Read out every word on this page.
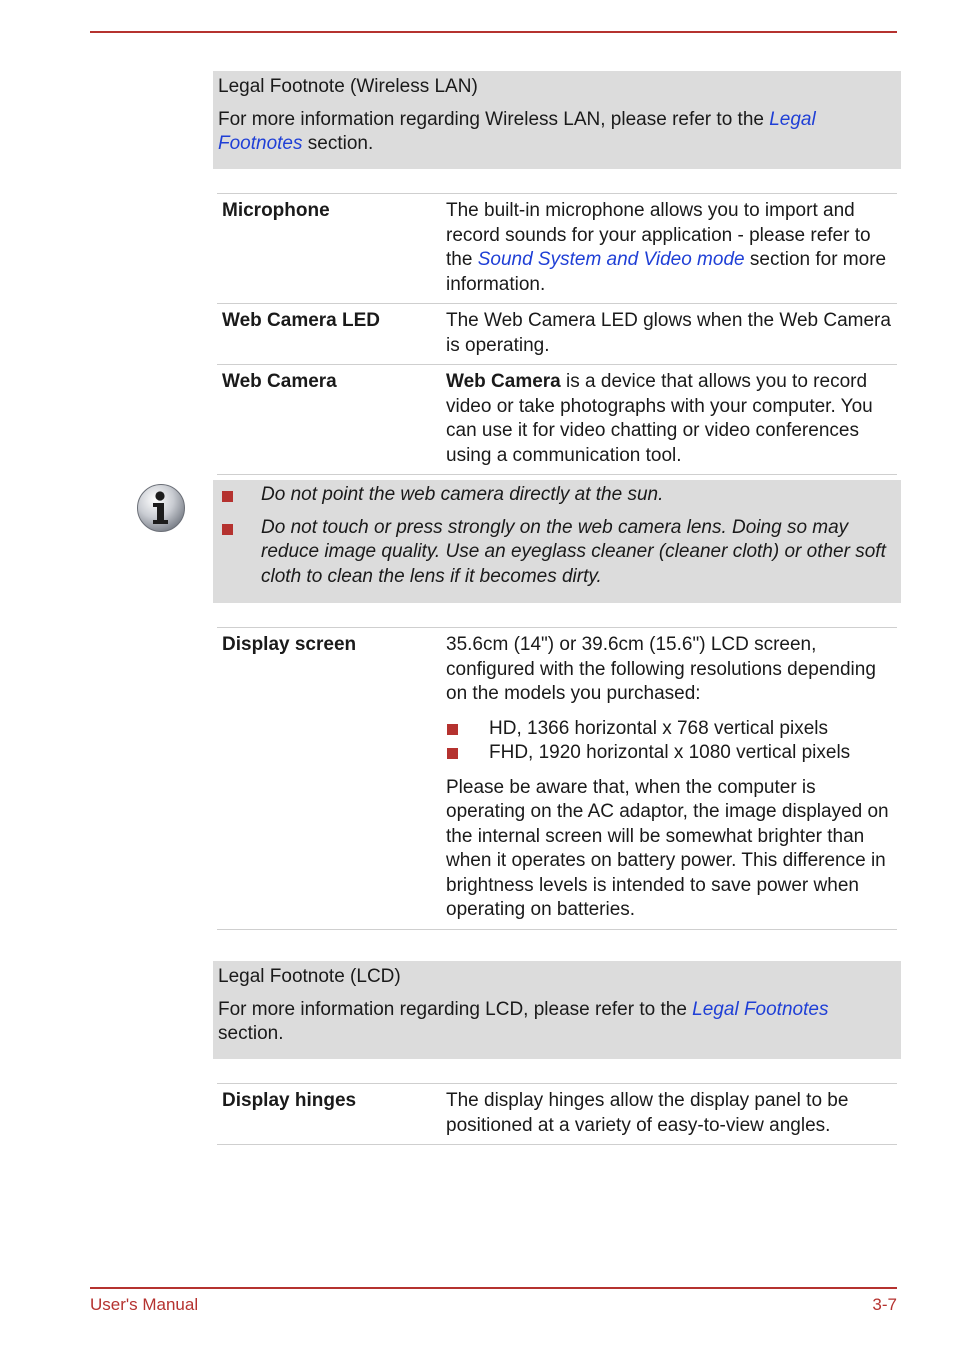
Legal Footnote (Wireless LAN)

For more information regarding Wireless LAN, please refer to the Legal Footnotes section.

Microphone	The built-in microphone allows you to import and record sounds for your application - please refer to the Sound System and Video mode section for more information.
Web Camera LED	The Web Camera LED glows when the Web Camera is operating.
Web Camera	Web Camera is a device that allows you to record video or take photographs with your computer. You can use it for video chatting or video conferences using a communication tool.
Do not point the web camera directly at the sun.
Do not touch or press strongly on the web camera lens. Doing so may reduce image quality. Use an eyeglass cleaner (cleaner cloth) or other soft cloth to clean the lens if it becomes dirty.
Display screen	35.6cm (14") or 39.6cm (15.6") LCD screen, configured with the following resolutions depending on the models you purchased:

HD, 1366 horizontal x 768 vertical pixels
FHD, 1920 horizontal x 1080 vertical pixels

Please be aware that, when the computer is operating on the AC adaptor, the image displayed on the internal screen will be somewhat brighter than when it operates on battery power. This difference in brightness levels is intended to save power when operating on batteries.

Legal Footnote (LCD)

For more information regarding LCD, please refer to the Legal Footnotes section.

Display hinges	The display hinges allow the display panel to be positioned at a variety of easy-to-view angles.
User's Manual	3-7
